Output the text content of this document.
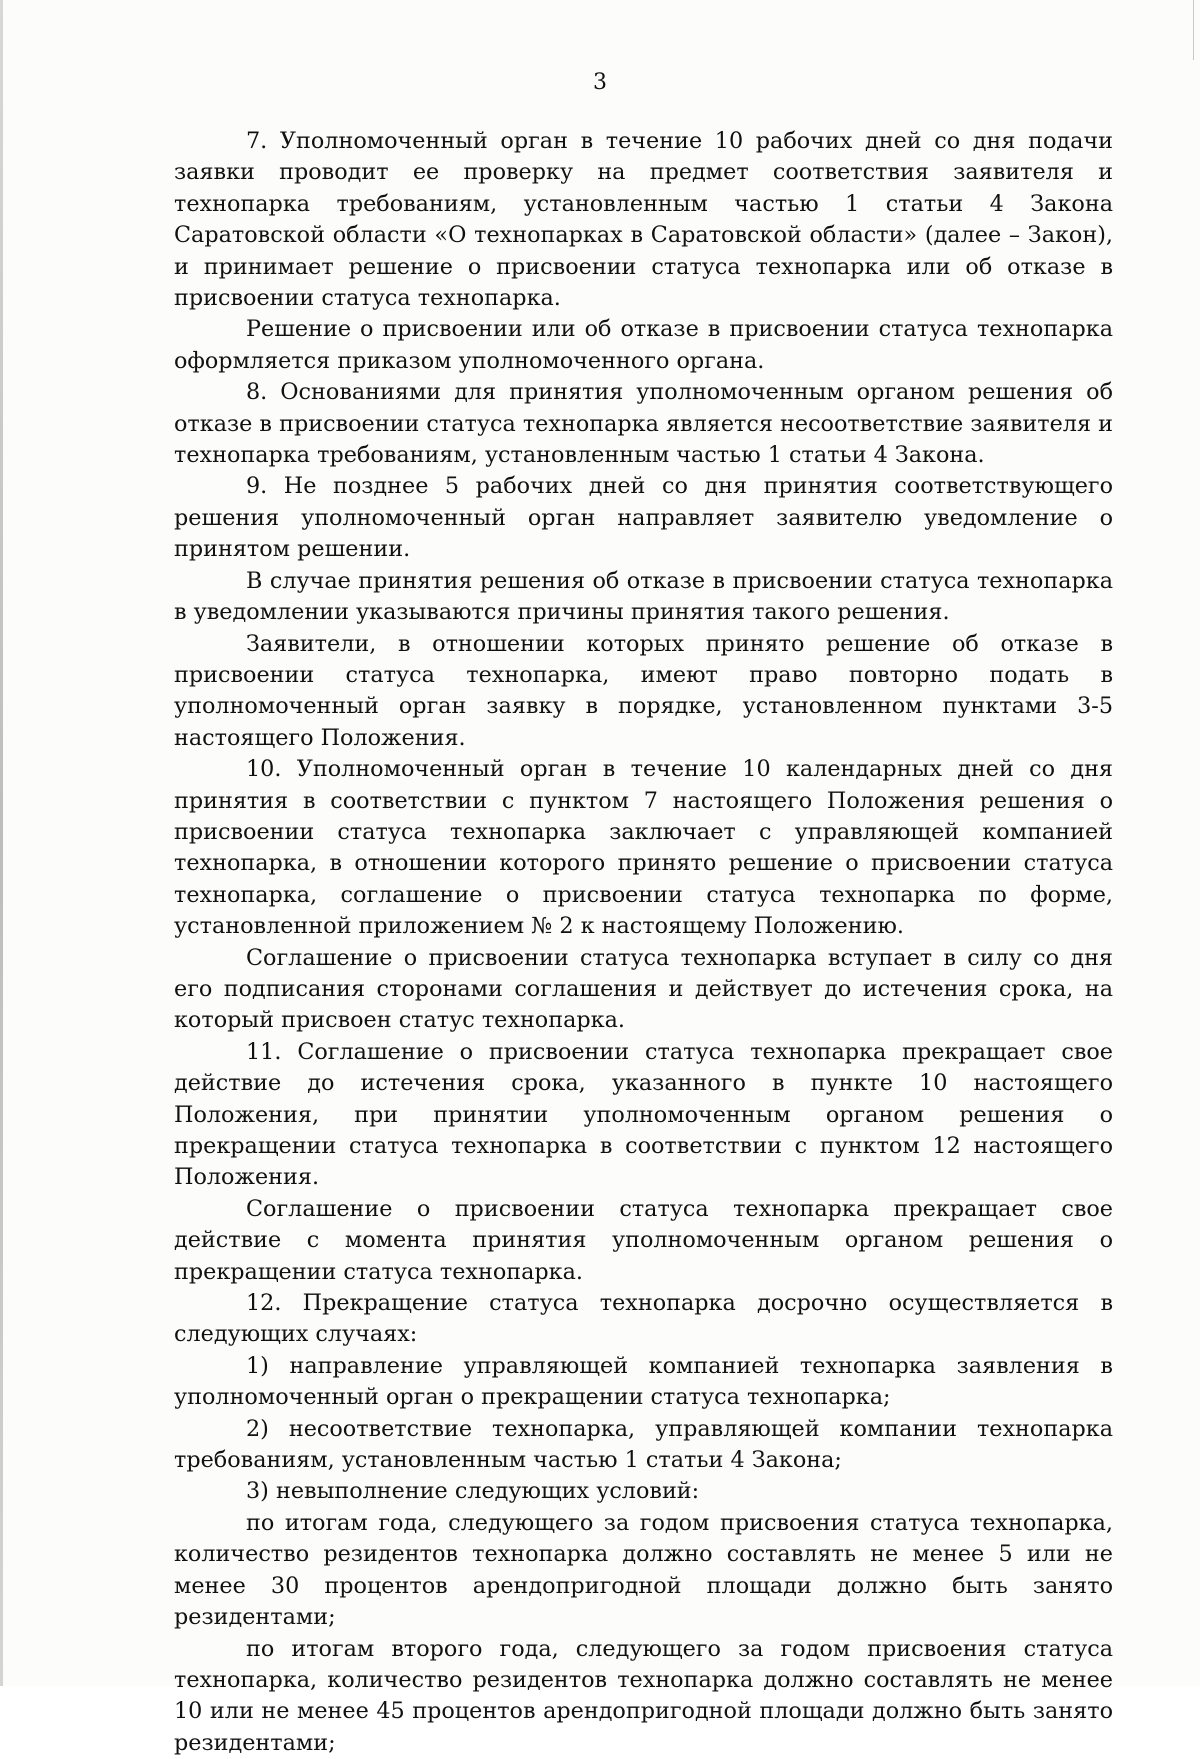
3

7. Уполномоченный орган в течение 10 рабочих дней со дня подачи заявки проводит ее проверку на предмет соответствия заявителя и технопарка требованиям, установленным частью 1 статьи 4 Закона Саратовской области «О технопарках в Саратовской области» (далее – Закон), и принимает решение о присвоении статуса технопарка или об отказе в присвоении статуса технопарка.

Решение о присвоении или об отказе в присвоении статуса технопарка оформляется приказом уполномоченного органа.

8. Основаниями для принятия уполномоченным органом решения об отказе в присвоении статуса технопарка является несоответствие заявителя и технопарка требованиям, установленным частью 1 статьи 4 Закона.

9. Не позднее 5 рабочих дней со дня принятия соответствующего решения уполномоченный орган направляет заявителю уведомление о принятом решении.

В случае принятия решения об отказе в присвоении статуса технопарка в уведомлении указываются причины принятия такого решения.

Заявители, в отношении которых принято решение об отказе в присвоении статуса технопарка, имеют право повторно подать в уполномоченный орган заявку в порядке, установленном пунктами 3-5 настоящего Положения.

10. Уполномоченный орган в течение 10 календарных дней со дня принятия в соответствии с пунктом 7 настоящего Положения решения о присвоении статуса технопарка заключает с управляющей компанией технопарка, в отношении которого принято решение о присвоении статуса технопарка, соглашение о присвоении статуса технопарка по форме, установленной приложением № 2 к настоящему Положению.

Соглашение о присвоении статуса технопарка вступает в силу со дня его подписания сторонами соглашения и действует до истечения срока, на который присвоен статус технопарка.

11. Соглашение о присвоении статуса технопарка прекращает свое действие до истечения срока, указанного в пункте 10 настоящего Положения, при принятии уполномоченным органом решения о прекращении статуса технопарка в соответствии с пунктом 12 настоящего Положения.

Соглашение о присвоении статуса технопарка прекращает свое действие с момента принятия уполномоченным органом решения о прекращении статуса технопарка.

12. Прекращение статуса технопарка досрочно осуществляется в следующих случаях:

1) направление управляющей компанией технопарка заявления в уполномоченный орган о прекращении статуса технопарка;

2) несоответствие технопарка, управляющей компании технопарка требованиям, установленным частью 1 статьи 4 Закона;

3) невыполнение следующих условий:

по итогам года, следующего за годом присвоения статуса технопарка, количество резидентов технопарка должно составлять не менее 5 или не менее 30 процентов арендопригодной площади должно быть занято резидентами;

по итогам второго года, следующего за годом присвоения статуса технопарка, количество резидентов технопарка должно составлять не менее 10 или не менее 45 процентов арендопригодной площади должно быть занято резидентами;
